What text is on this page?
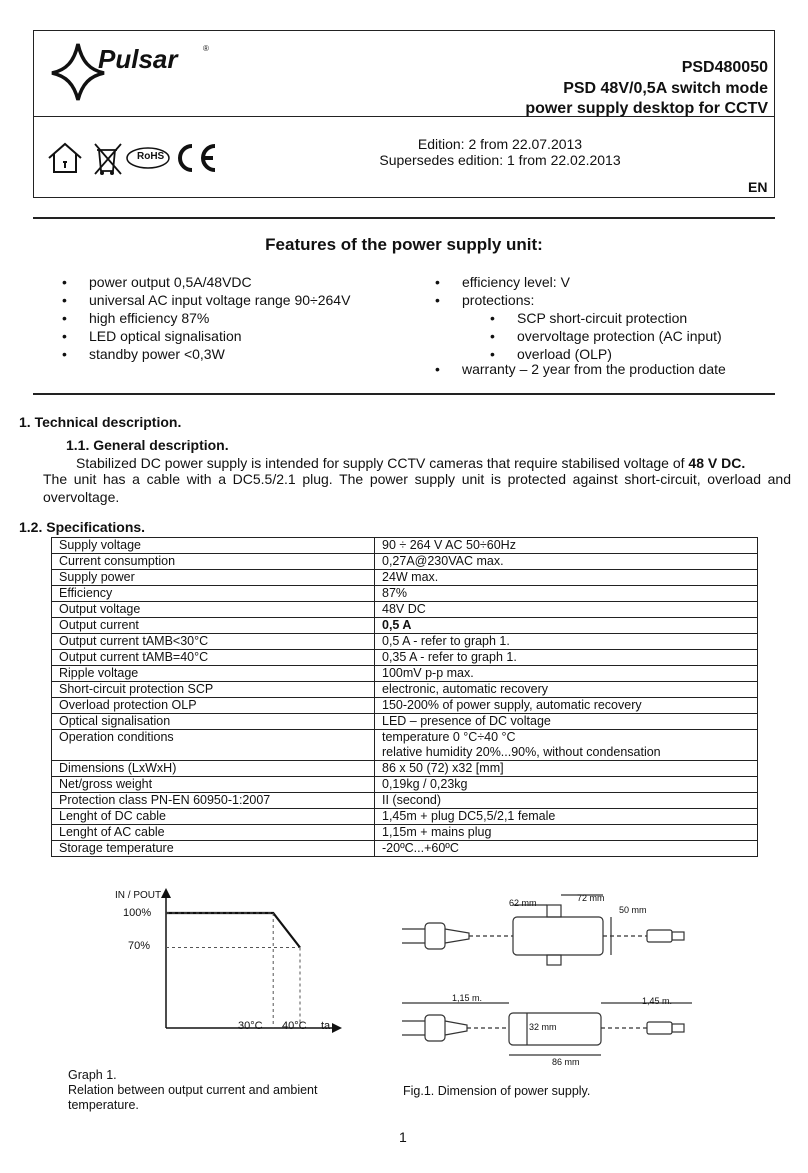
Pulsar	®
PSD480050
PSD 48V/0,5A switch mode
power supply desktop for CCTV
RoHS
Edition: 2 from 22.07.2013
Supersedes edition: 1 from 22.02.2013
EN
Features of the power supply unit:
• power output 0,5A/48VDC
• universal AC input voltage range 90÷264V
• high efficiency 87%
• LED optical signalisation
• standby power <0,3W
• efficiency level: V
• protections:
• SCP short-circuit protection
• overvoltage protection (AC input)
• overload (OLP)
• warranty – 2 year from the production date
1. Technical description.
1.1. General description.
Stabilized DC power supply is intended for supply CCTV cameras that require stabilised voltage of 48 V DC.
The unit has a cable with a DC5.5/2.1 plug. The power supply unit is protected against short-circuit, overload and overvoltage.
1.2. Specifications.
Supply voltage	90 ÷ 264 V AC 50÷60Hz
Current consumption	0,27A@230VAC max.
Supply power	24W max.
Efficiency	87%
Output voltage	48V DC
Output current	0,5 A
Output current tAMB<30°C	0,5 A - refer to graph 1.
Output current tAMB=40°C	0,35 A - refer to graph 1.
Ripple voltage	100mV p-p max.
Short-circuit protection SCP	electronic, automatic recovery
Overload protection OLP	150-200% of power supply, automatic recovery
Optical signalisation	LED – presence of DC voltage
Operation conditions	temperature 0 °C÷40 °C
relative humidity 20%...90%, without condensation
Dimensions (LxWxH)	86 x 50 (72) x32 [mm]
Net/gross weight	0,19kg / 0,23kg
Protection class PN-EN 60950-1:2007	II (second)
Lenght of DC cable	1,45m + plug DC5,5/2,1 female
Lenght of AC cable	1,15m + mains plug
Storage temperature	-20ºC...+60ºC
IN / POUT
100%
70%
30°C 40°C ta
Graph 1.
Relation between output current and ambient
temperature.
62 mm	72 mm
50 mm
1,15 m.	1,45 m.
32 mm
86 mm
Fig.1. Dimension of power supply.
1
